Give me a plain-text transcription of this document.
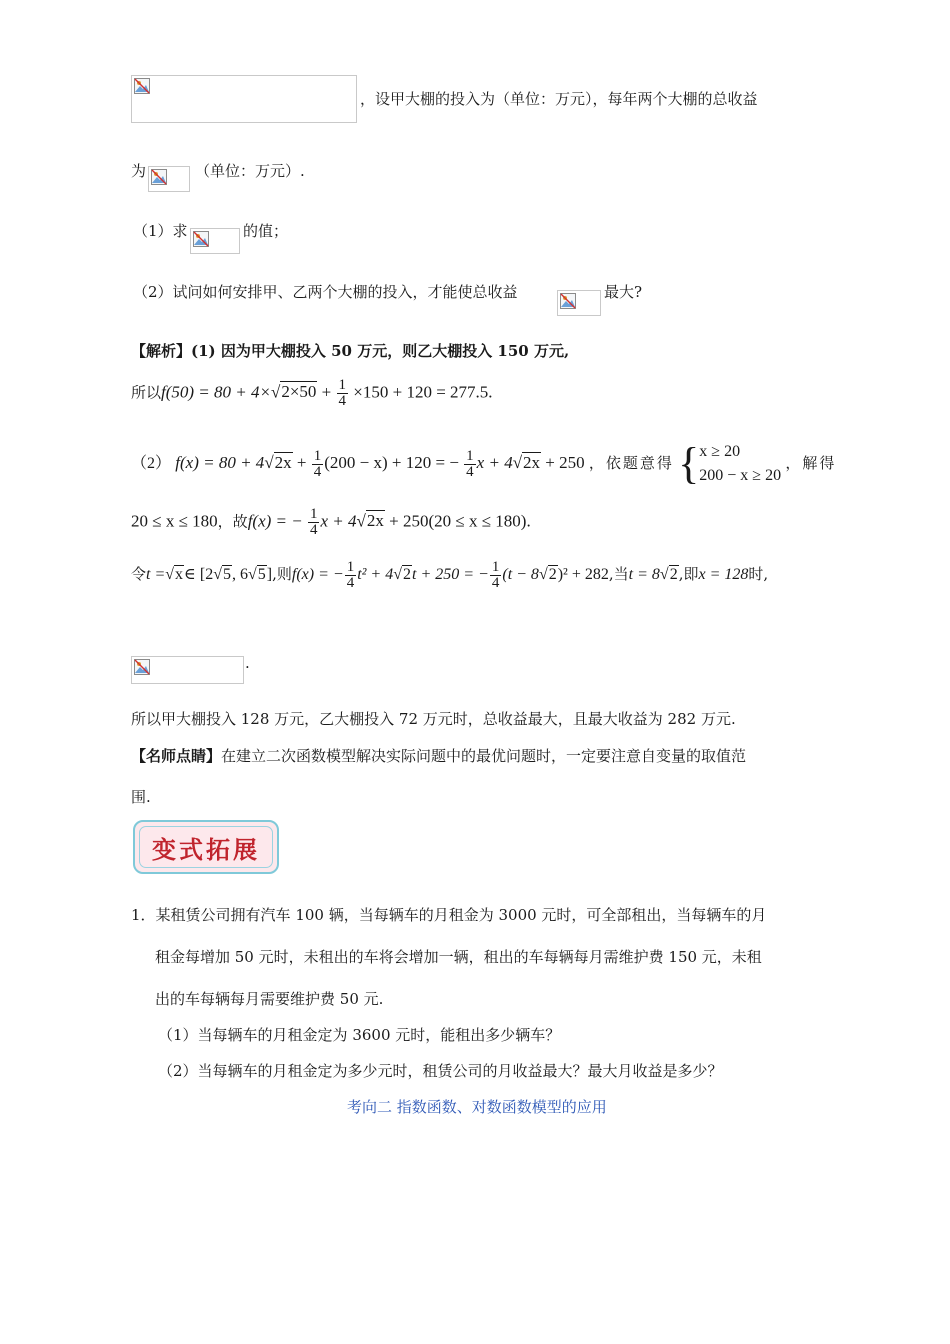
，设甲大棚的投入为（单位：万元），每年两个大棚的总收益
为	（单位：万元）.
（1）求	的值；
（2）试问如何安排甲、乙两个大棚的投入，才能使总收益	最大?
【解析】(1) 因为甲大棚投入 50 万元，则乙大棚投入 150 万元,
所以$f(50) = 80 + 4\times√2\times 50 + \frac{1}{4} \times 150 + 120 = 277.5$.
（2） $f(x) = 80 + 4√2x + \frac{1}{4} (200 - x) + 120$ = − $\frac{1}{4}$ x + 4√2x + 250 ，依题意得 { x ≥ 20
200 − x ≥ 20
，解得
20 ≤ x ≤ 180，故f(x) = − $\frac{1}{4}$ x + 4√2x + 250(20 ≤ x ≤ 180).
令t =√x∈ [2√5, 6√5],则f(x) = − $\frac{1}{4} t^2 + 4√2t + 250$ = − $\frac{1}{4} (t - 8√2)^2 + 282$,当t = 8√2,即x = 128时,
.
所以甲大棚投入 128 万元，乙大棚投入 72 万元时，总收益最大，且最大收益为 282 万元.
【名师点睛】在建立二次函数模型解决实际问题中的最优问题时，一定要注意自变量的取值范
围.
变式拓展
1．某租赁公司拥有汽车 100 辆，当每辆车的月租金为 3000 元时，可全部租出，当每辆车的月
租金每增加 50 元时，未租出的车将会增加一辆，租出的车每辆每月需维护费 150 元，未租
出的车每辆每月需要维护费 50 元.
（1）当每辆车的月租金定为 3600 元时，能租出多少辆车？
（2）当每辆车的月租金定为多少元时，租赁公司的月收益最大？最大月收益是多少？
考向二 指数函数、对数函数模型的应用
